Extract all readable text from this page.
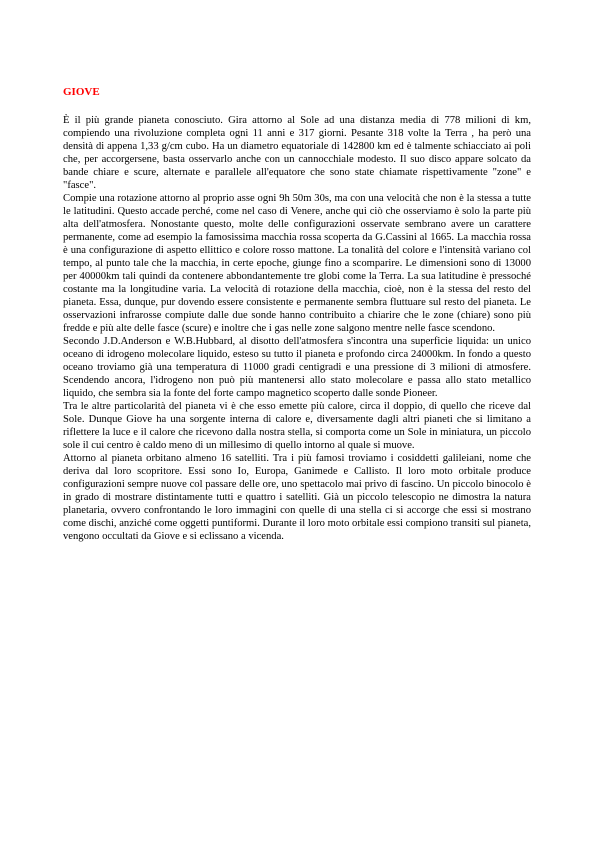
GIOVE

È il più grande pianeta conosciuto. Gira attorno al Sole ad una distanza media di 778 milioni di km, compiendo una rivoluzione completa ogni 11 anni e 317 giorni. Pesante 318 volte la Terra , ha però una densità di appena 1,33 g/cm cubo. Ha un diametro equatoriale di 142800 km ed è talmente schiacciato ai poli che, per accorgersene, basta osservarlo anche con un cannocchiale modesto. Il suo disco appare solcato da bande chiare e scure, alternate e parallele all'equatore che sono state chiamate rispettivamente "zone" e "fasce".

Compie una rotazione attorno al proprio asse ogni 9h 50m 30s, ma con una velocità che non è la stessa a tutte le latitudini. Questo accade perché, come nel caso di Venere, anche qui ciò che osserviamo è solo la parte più alta dell'atmosfera. Nonostante questo, molte delle configurazioni osservate sembrano avere un carattere permanente, come ad esempio la famosissima macchia rossa scoperta da G.Cassini al 1665. La macchia rossa è una configurazione di aspetto ellittico e colore rosso mattone. La tonalità del colore e l'intensità variano col tempo, al punto tale che la macchia, in certe epoche, giunge fino a scomparire. Le dimensioni sono di 13000 per 40000km tali quindi da contenere abbondantemente tre globi come la Terra. La sua latitudine è pressoché costante ma la longitudine varia. La velocità di rotazione della macchia, cioè, non è la stessa del resto del pianeta. Essa, dunque, pur dovendo essere consistente e permanente sembra fluttuare sul resto del pianeta. Le osservazioni infrarosse compiute dalle due sonde hanno contribuito a chiarire che le zone (chiare) sono più fredde e più alte delle fasce (scure) e inoltre che i gas nelle zone salgono mentre nelle fasce scendono.

Secondo J.D.Anderson e W.B.Hubbard, al disotto dell'atmosfera s'incontra una superficie liquida: un unico oceano di idrogeno molecolare liquido, esteso su tutto il pianeta e profondo circa 24000km. In fondo a questo oceano troviamo già una temperatura di 11000 gradi centigradi e una pressione di 3 milioni di atmosfere. Scendendo ancora, l'idrogeno non può più mantenersi allo stato molecolare e passa allo stato metallico liquido, che sembra sia la fonte del forte campo magnetico scoperto dalle sonde Pioneer.

Tra le altre particolarità del pianeta vi è che esso emette più calore, circa il doppio, di quello che riceve dal Sole. Dunque Giove ha una sorgente interna di calore e, diversamente dagli altri pianeti che si limitano a riflettere la luce e il calore che ricevono dalla nostra stella, si comporta come un Sole in miniatura, un piccolo sole il cui centro è caldo meno di un millesimo di quello intorno al quale si muove.

Attorno al pianeta orbitano almeno 16 satelliti. Tra i più famosi troviamo i cosiddetti galileiani, nome che deriva dal loro scopritore. Essi sono Io, Europa, Ganimede e Callisto. Il loro moto orbitale produce configurazioni sempre nuove col passare delle ore, uno spettacolo mai privo di fascino. Un piccolo binocolo è in grado di mostrare distintamente tutti e quattro i satelliti. Già un piccolo telescopio ne dimostra la natura planetaria, ovvero confrontando le loro immagini con quelle di una stella ci si accorge che essi si mostrano come dischi, anziché come oggetti puntiformi. Durante il loro moto orbitale essi compiono transiti sul pianeta, vengono occultati da Giove e si eclissano a vicenda.
